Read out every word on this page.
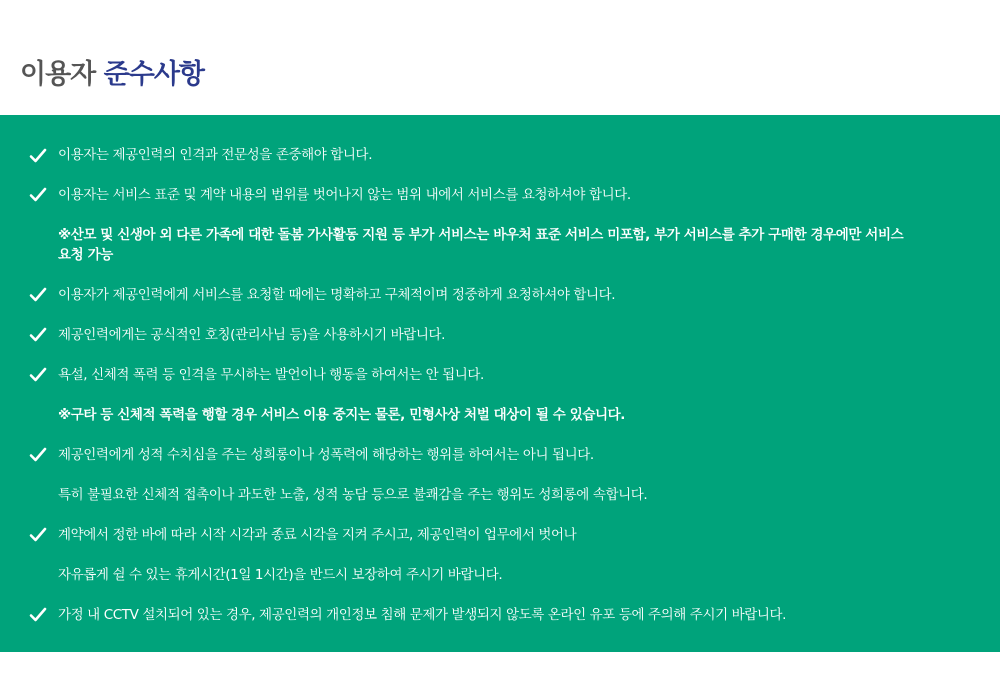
이용자 준수사항
이용자는 제공인력의 인격과 전문성을 존중해야 합니다.
이용자는 서비스 표준 및 계약 내용의 범위를 벗어나지 않는 범위 내에서 서비스를 요청하셔야 합니다.
※산모 및 신생아 외 다른 가족에 대한 돌봄 가사활동 지원 등 부가 서비스는 바우처 표준 서비스 미포함, 부가 서비스를 추가 구매한 경우에만 서비스 요청 가능
이용자가 제공인력에게 서비스를 요청할 때에는 명확하고 구체적이며 정중하게 요청하셔야 합니다.
제공인력에게는 공식적인 호칭(관리사님 등)을 사용하시기 바랍니다.
욕설, 신체적 폭력 등 인격을 무시하는 발언이나 행동을 하여서는 안 됩니다.
※구타 등 신체적 폭력을 행할 경우 서비스 이용 중지는 물론, 민형사상 처벌 대상이 될 수 있습니다.
제공인력에게 성적 수치심을 주는 성희롱이나 성폭력에 해당하는 행위를 하여서는 아니 됩니다.
특히 불필요한 신체적 접촉이나 과도한 노출, 성적 농담 등으로 불쾌감을 주는 행위도 성희롱에 속합니다.
계약에서 정한 바에 따라 시작 시각과 종료 시각을 지켜 주시고, 제공인력이 업무에서 벗어나
자유롭게 쉴 수 있는 휴게시간(1일 1시간)을 반드시 보장하여 주시기 바랍니다.
가정 내 CCTV 설치되어 있는 경우, 제공인력의 개인정보 침해 문제가 발생되지 않도록 온라인 유포 등에 주의해 주시기 바랍니다.
